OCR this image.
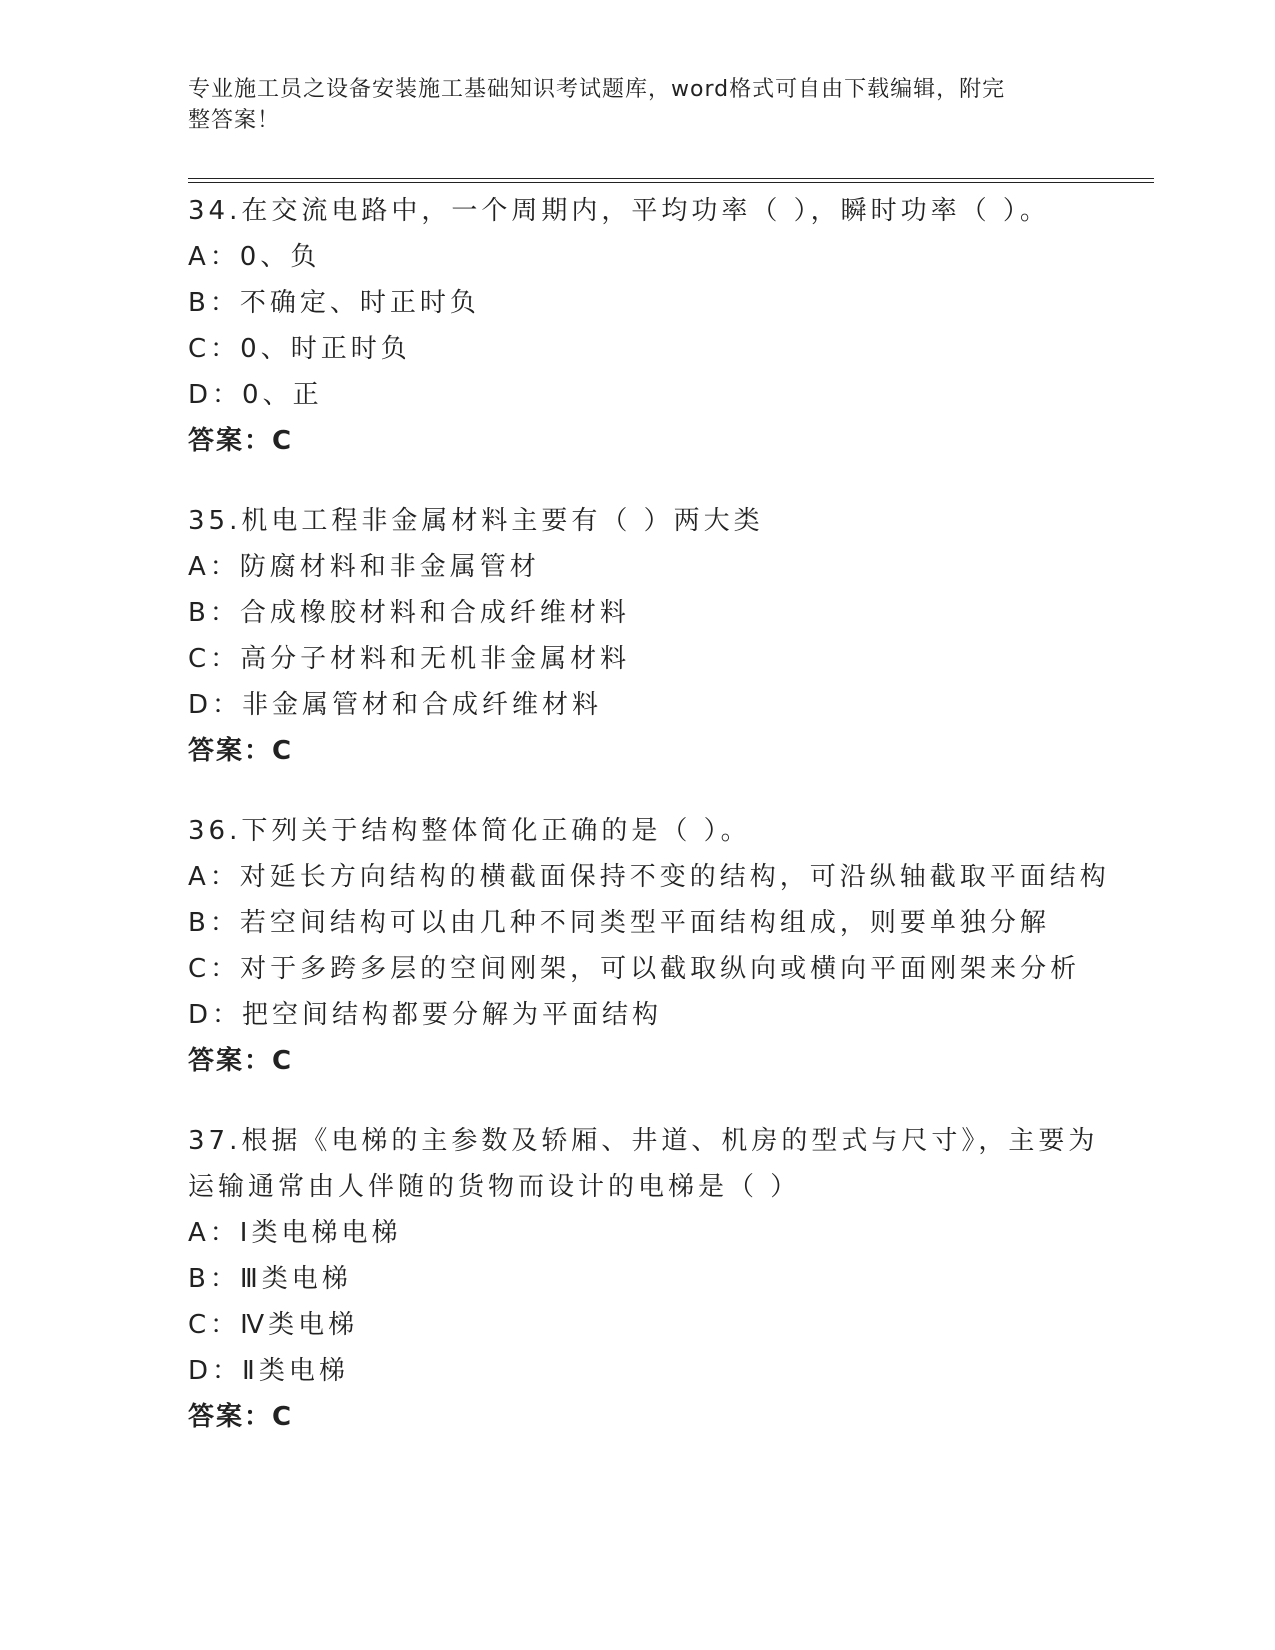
专业施工员之设备安装施工基础知识考试题库，word格式可自由下载编辑，附完
整答案！
34.在交流电路中，一个周期内，平均功率（ ），瞬时功率（ ）。
A：0、负
B：不确定、时正时负
C：0、时正时负
D：0、正
答案：C
35.机电工程非金属材料主要有（ ）两大类
A：防腐材料和非金属管材
B：合成橡胶材料和合成纤维材料
C：高分子材料和无机非金属材料
D：非金属管材和合成纤维材料
答案：C
36.下列关于结构整体简化正确的是（ ）。
A：对延长方向结构的横截面保持不变的结构，可沿纵轴截取平面结构
B：若空间结构可以由几种不同类型平面结构组成，则要单独分解
C：对于多跨多层的空间刚架，可以截取纵向或横向平面刚架来分析
D：把空间结构都要分解为平面结构
答案：C
37.根据《电梯的主参数及轿厢、井道、机房的型式与尺寸》，主要为
运输通常由人伴随的货物而设计的电梯是（ ）
A：Ⅰ类电梯电梯
B：Ⅲ类电梯
C：Ⅳ类电梯
D：Ⅱ类电梯
答案：C
